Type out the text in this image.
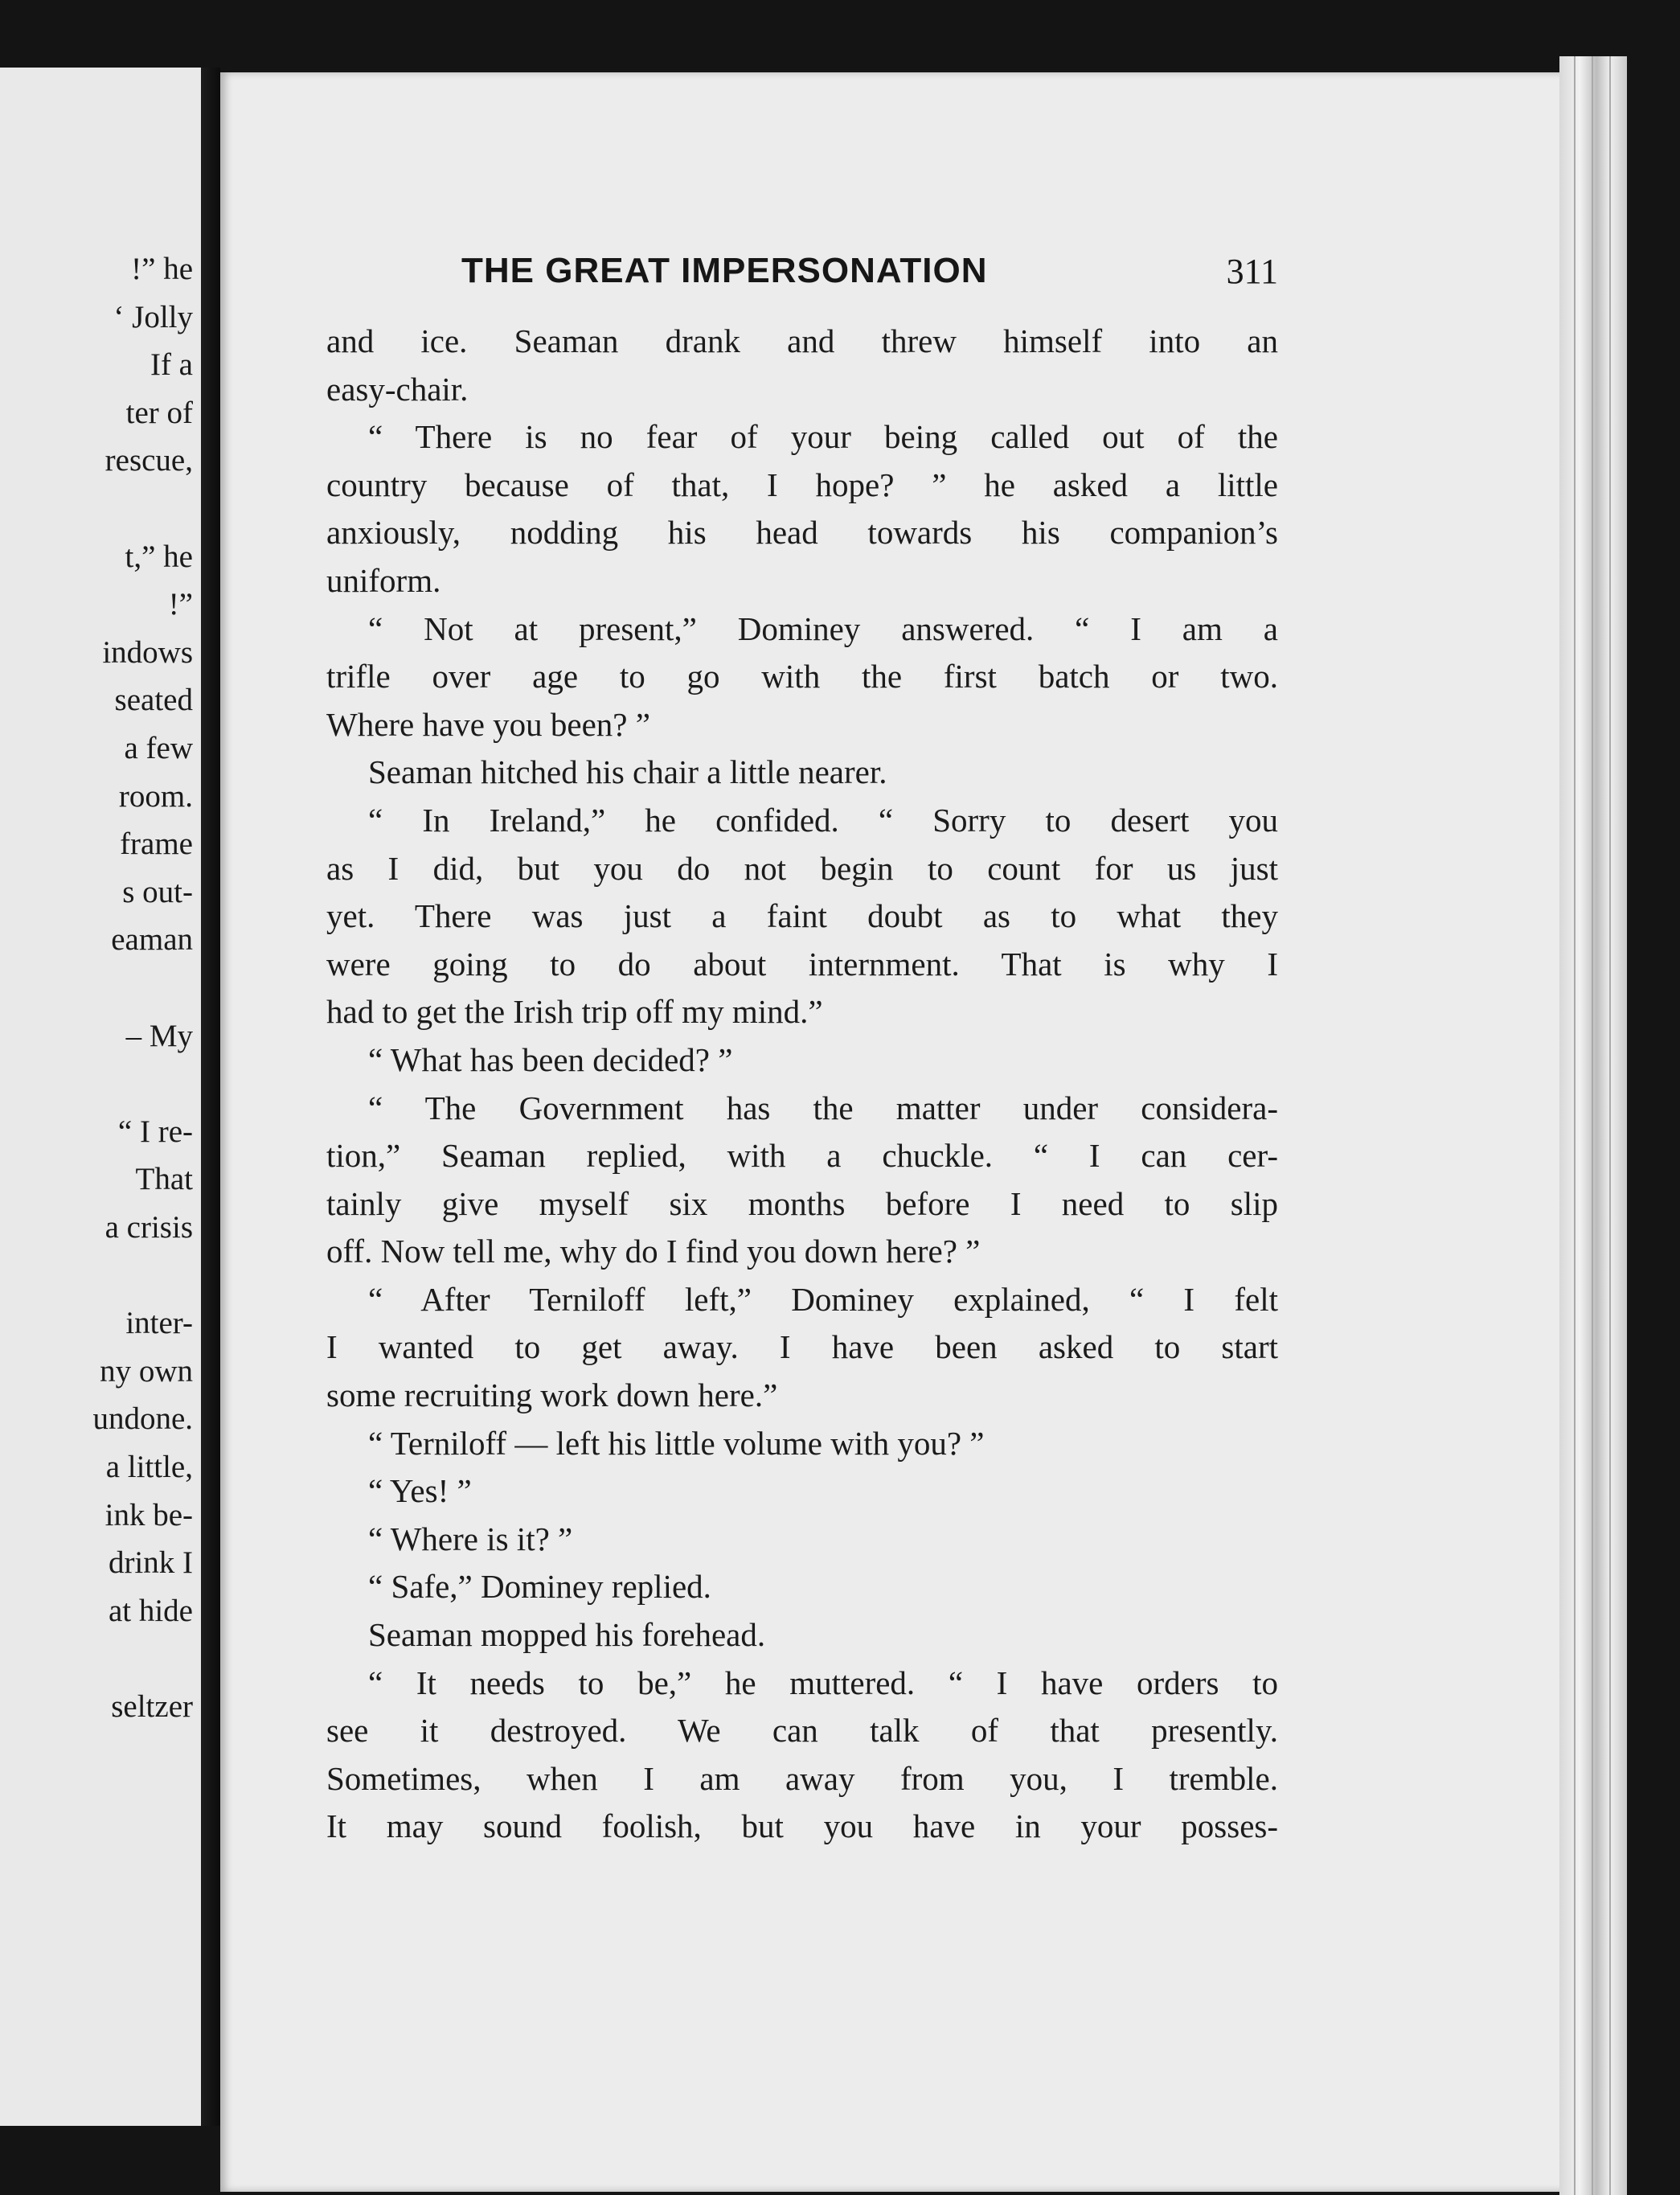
!” he
‘ Jolly
If a
ter of
rescue,
t,” he
!”
indows
seated
a few
room.
frame
s out-
eaman
– My
“ I re-
That
a crisis
inter-
ny own
undone.
a little,
ink be-
drink I
at hide
seltzer
THE GREAT IMPERSONATION	311
and ice. Seaman drank and threw himself into an
easy-chair.
“ There is no fear of your being called out of the
country because of that, I hope? ” he asked a little
anxiously, nodding his head towards his companion’s
uniform.
“ Not at present,” Dominey answered. “ I am a
trifle over age to go with the first batch or two.
Where have you been? ”
Seaman hitched his chair a little nearer.
“ In Ireland,” he confided. “ Sorry to desert you
as I did, but you do not begin to count for us just
yet. There was just a faint doubt as to what they
were going to do about internment. That is why I
had to get the Irish trip off my mind.”
“ What has been decided? ”
“ The Government has the matter under considera-
tion,” Seaman replied, with a chuckle. “ I can cer-
tainly give myself six months before I need to slip
off. Now tell me, why do I find you down here? ”
“ After Terniloff left,” Dominey explained, “ I felt
I wanted to get away. I have been asked to start
some recruiting work down here.”
“ Terniloff — left his little volume with you? ”
“ Yes! ”
“ Where is it? ”
“ Safe,” Dominey replied.
Seaman mopped his forehead.
“ It needs to be,” he muttered. “ I have orders to
see it destroyed. We can talk of that presently.
Sometimes, when I am away from you, I tremble.
It may sound foolish, but you have in your posses-
